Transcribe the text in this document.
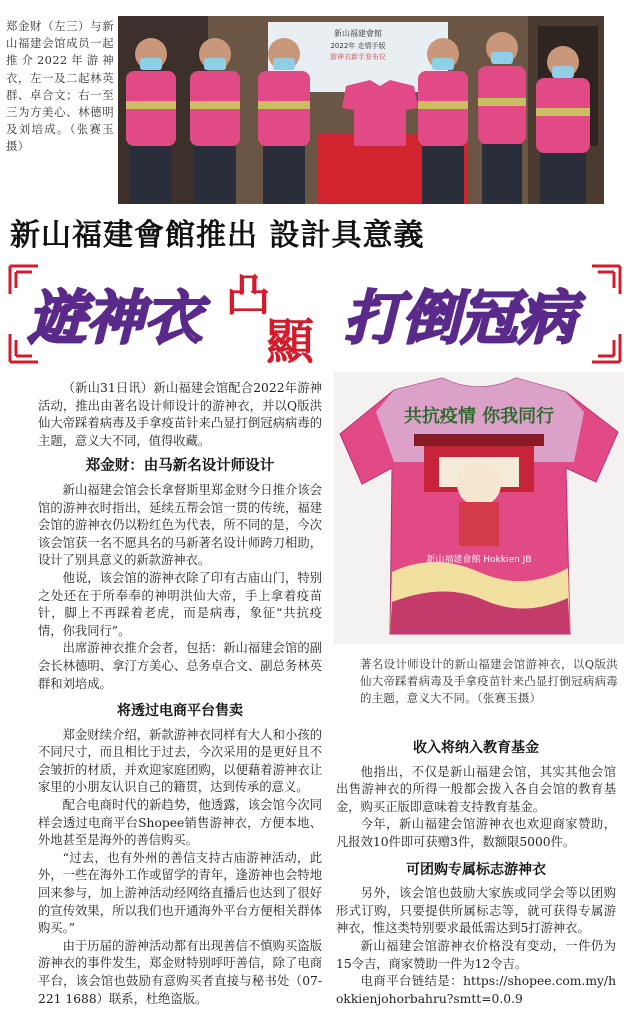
郑金财（左三）与新山福建会馆成员一起推介2022年游神衣，左一及二起林英群、卓合文；右一至三为方美心、林德明及刘培成。（张赛玉摄）
新山福建會館
2022年 走情手版
游神衣新手发布仪
新山福建會館推出 設計具意義
遊神衣 凸
顯 打倒冠病

（新山31日讯）新山福建会馆配合2022年游神活动，推出由著名设计师设计的游神衣，并以Q版洪仙大帝踩着病毒及手拿疫苗针来凸显打倒冠病病毒的主题，意义大不同，值得收藏。

郑金财：由马新名设计师设计

新山福建会馆会长拿督斯里郑金财今日推介该会馆的游神衣时指出，延续五帮会馆一贯的传统，福建会馆的游神衣仍以粉红色为代表，所不同的是，今次该会馆获一名不愿具名的马新著名设计师跨刀相助，设计了别具意义的新款游神衣。

他说，该会馆的游神衣除了印有古庙山门，特别之处还在于所奉奉的神明洪仙大帝，手上拿着疫苗针，脚上不再踩着老虎，而是病毒，象征“共抗疫情，你我同行”。

出席游神衣推介会者，包括：新山福建会馆的副会长林德明、拿汀方美心、总务卓合文、副总务林英群和刘培成。

将透过电商平台售卖

郑金财续介绍，新款游神衣同样有大人和小孩的不同尺寸，而且相比于过去，今次采用的是更好且不会皱折的材质，并欢迎家庭团购，以便藉着游神衣让家里的小朋友认识自己的籍贯，达到传承的意义。

配合电商时代的新趋势，他透露，该会馆今次同样会透过电商平台Shopee销售游神衣，方便本地、外地甚至是海外的善信购买。

“过去，也有外州的善信支持古庙游神活动，此外，一些在海外工作或留学的青年，逢游神也会特地回来参与，加上游神活动经网络直播后也达到了很好的宣传效果，所以我们也开通海外平台方便相关群体购买。”

由于历届的游神活动都有出现善信不慎购买盗版游神衣的事件发生，郑金财特别呼吁善信，除了电商平台，该会馆也鼓励有意购买者直接与秘书处（07-221 1688）联系，杜绝盗版。

共抗疫情 你我同行
新山福建會館 Hokkien JB
著名设计师设计的新山福建会馆游神衣，以Q版洪仙大帝踩着病毒及手拿疫苗针来凸显打倒冠病病毒的主题，意义大不同。（张赛玉摄）
收入将纳入教育基金

他指出，不仅是新山福建会馆，其实其他会馆出售游神衣的所得一般都会拨入各自会馆的教育基金，购买正版即意味着支持教育基金。

今年，新山福建会馆游神衣也欢迎商家赞助，凡报效10件即可获赠3件，数额限5000件。

可团购专属标志游神衣

另外，该会馆也鼓励大家族或同学会等以团购形式订购，只要提供所属标志等，就可获得专属游神衣，惟这类特别要求最低需达到5打游神衣。

新山福建会馆游神衣价格没有变动，一件仍为15令吉，商家赞助一件为12令吉。

电商平台链结是：https://shopee.com.my/hokkienjohorbahru?smtt=0.0.9
